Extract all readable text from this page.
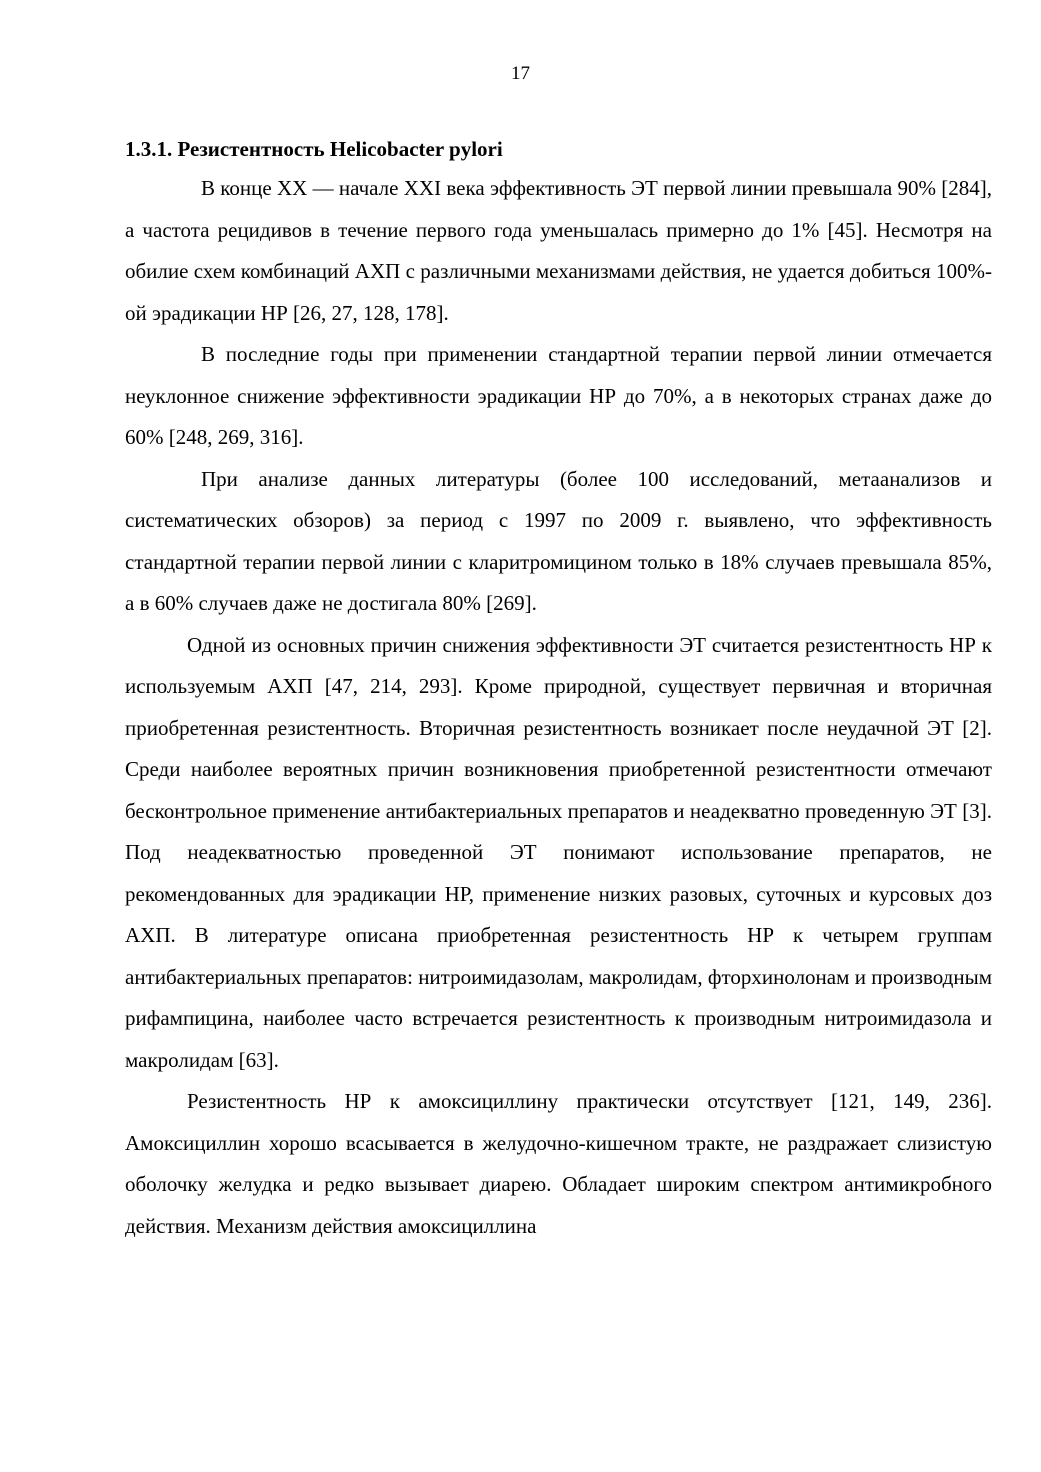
17
1.3.1. Резистентность Helicobacter pylori

В конце XX — начале XXI века эффективность ЭТ первой линии превышала 90% [284], а частота рецидивов в течение первого года уменьшалась примерно до 1% [45]. Несмотря на обилие схем комбинаций АХП с различными механизмами действия, не удается добиться 100%-ой эрадикации НР [26, 27, 128, 178].

В последние годы при применении стандартной терапии первой линии отмечается неуклонное снижение эффективности эрадикации НР до 70%, а в некоторых странах даже до 60% [248, 269, 316].

При анализе данных литературы (более 100 исследований, метаанализов и систематических обзоров) за период с 1997 по 2009 г. выявлено, что эффективность стандартной терапии первой линии с кларитромицином только в 18% случаев превышала 85%, а в 60% случаев даже не достигала 80% [269].

Одной из основных причин снижения эффективности ЭТ считается резистентность НР к используемым АХП [47, 214, 293]. Кроме природной, существует первичная и вторичная приобретенная резистентность. Вторичная резистентность возникает после неудачной ЭТ [2]. Среди наиболее вероятных причин возникновения приобретенной резистентности отмечают бесконтрольное применение антибактериальных препаратов и неадекватно проведенную ЭТ [3]. Под неадекватностью проведенной ЭТ понимают использование препаратов, не рекомендованных для эрадикации НР, применение низких разовых, суточных и курсовых доз АХП. В литературе описана приобретенная резистентность НР к четырем группам антибактериальных препаратов: нитроимидазолам, макролидам, фторхинолонам и производным рифампицина, наиболее часто встречается резистентность к производным нитроимидазола и макролидам [63].

Резистентность НР к амоксициллину практически отсутствует [121, 149, 236]. Амоксициллин хорошо всасывается в желудочно-кишечном тракте, не раздражает слизистую оболочку желудка и редко вызывает диарею. Обладает широким спектром антимикробного действия. Механизм действия амоксициллина
